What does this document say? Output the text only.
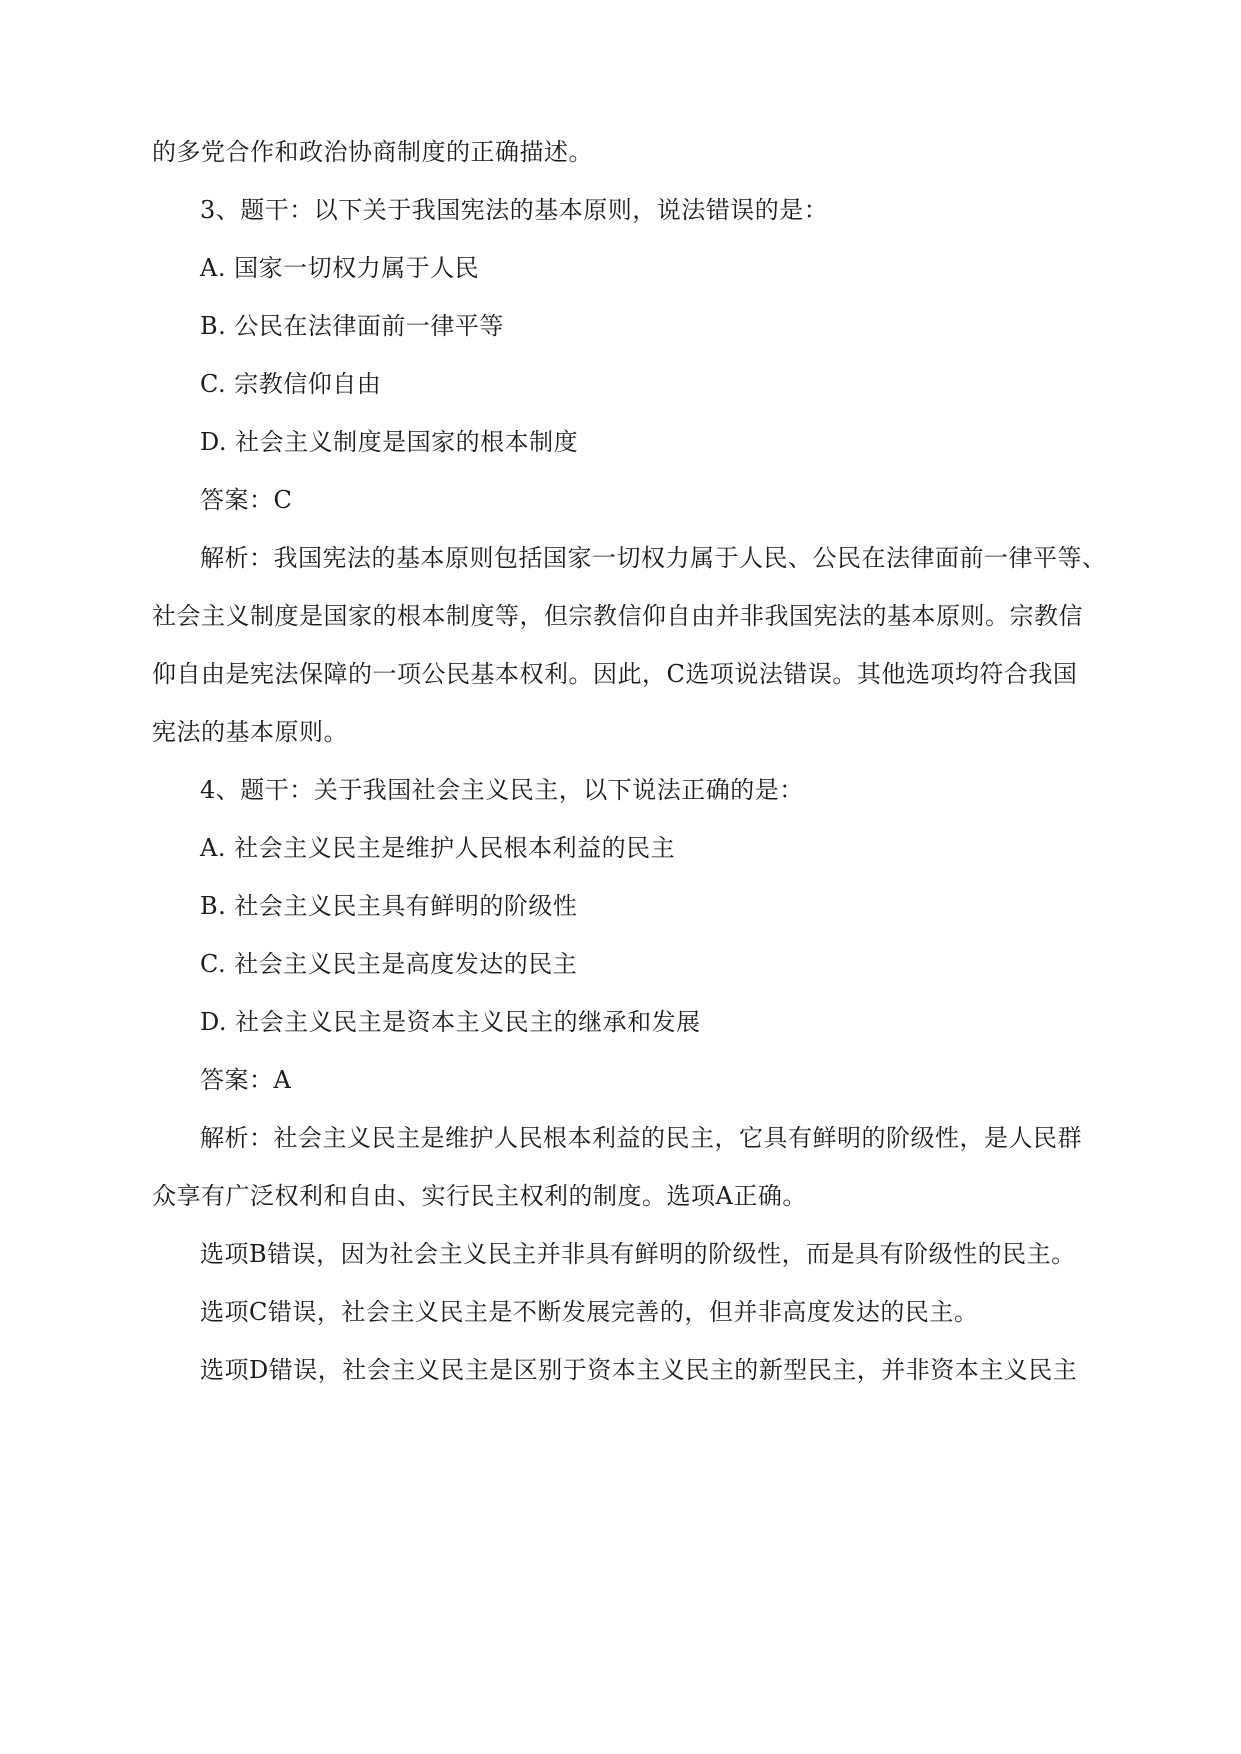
的多党合作和政治协商制度的正确描述。
3、题干：以下关于我国宪法的基本原则，说法错误的是：
A. 国家一切权力属于人民
B. 公民在法律面前一律平等
C. 宗教信仰自由
D. 社会主义制度是国家的根本制度
答案：C
解析：我国宪法的基本原则包括国家一切权力属于人民、公民在法律面前一律平等、
社会主义制度是国家的根本制度等，但宗教信仰自由并非我国宪法的基本原则。宗教信
仰自由是宪法保障的一项公民基本权利。因此，C选项说法错误。其他选项均符合我国
宪法的基本原则。
4、题干：关于我国社会主义民主，以下说法正确的是：
A. 社会主义民主是维护人民根本利益的民主
B. 社会主义民主具有鲜明的阶级性
C. 社会主义民主是高度发达的民主
D. 社会主义民主是资本主义民主的继承和发展
答案：A
解析：社会主义民主是维护人民根本利益的民主，它具有鲜明的阶级性，是人民群
众享有广泛权利和自由、实行民主权利的制度。选项A正确。
选项B错误，因为社会主义民主并非具有鲜明的阶级性，而是具有阶级性的民主。
选项C错误，社会主义民主是不断发展完善的，但并非高度发达的民主。
选项D错误，社会主义民主是区别于资本主义民主的新型民主，并非资本主义民主
